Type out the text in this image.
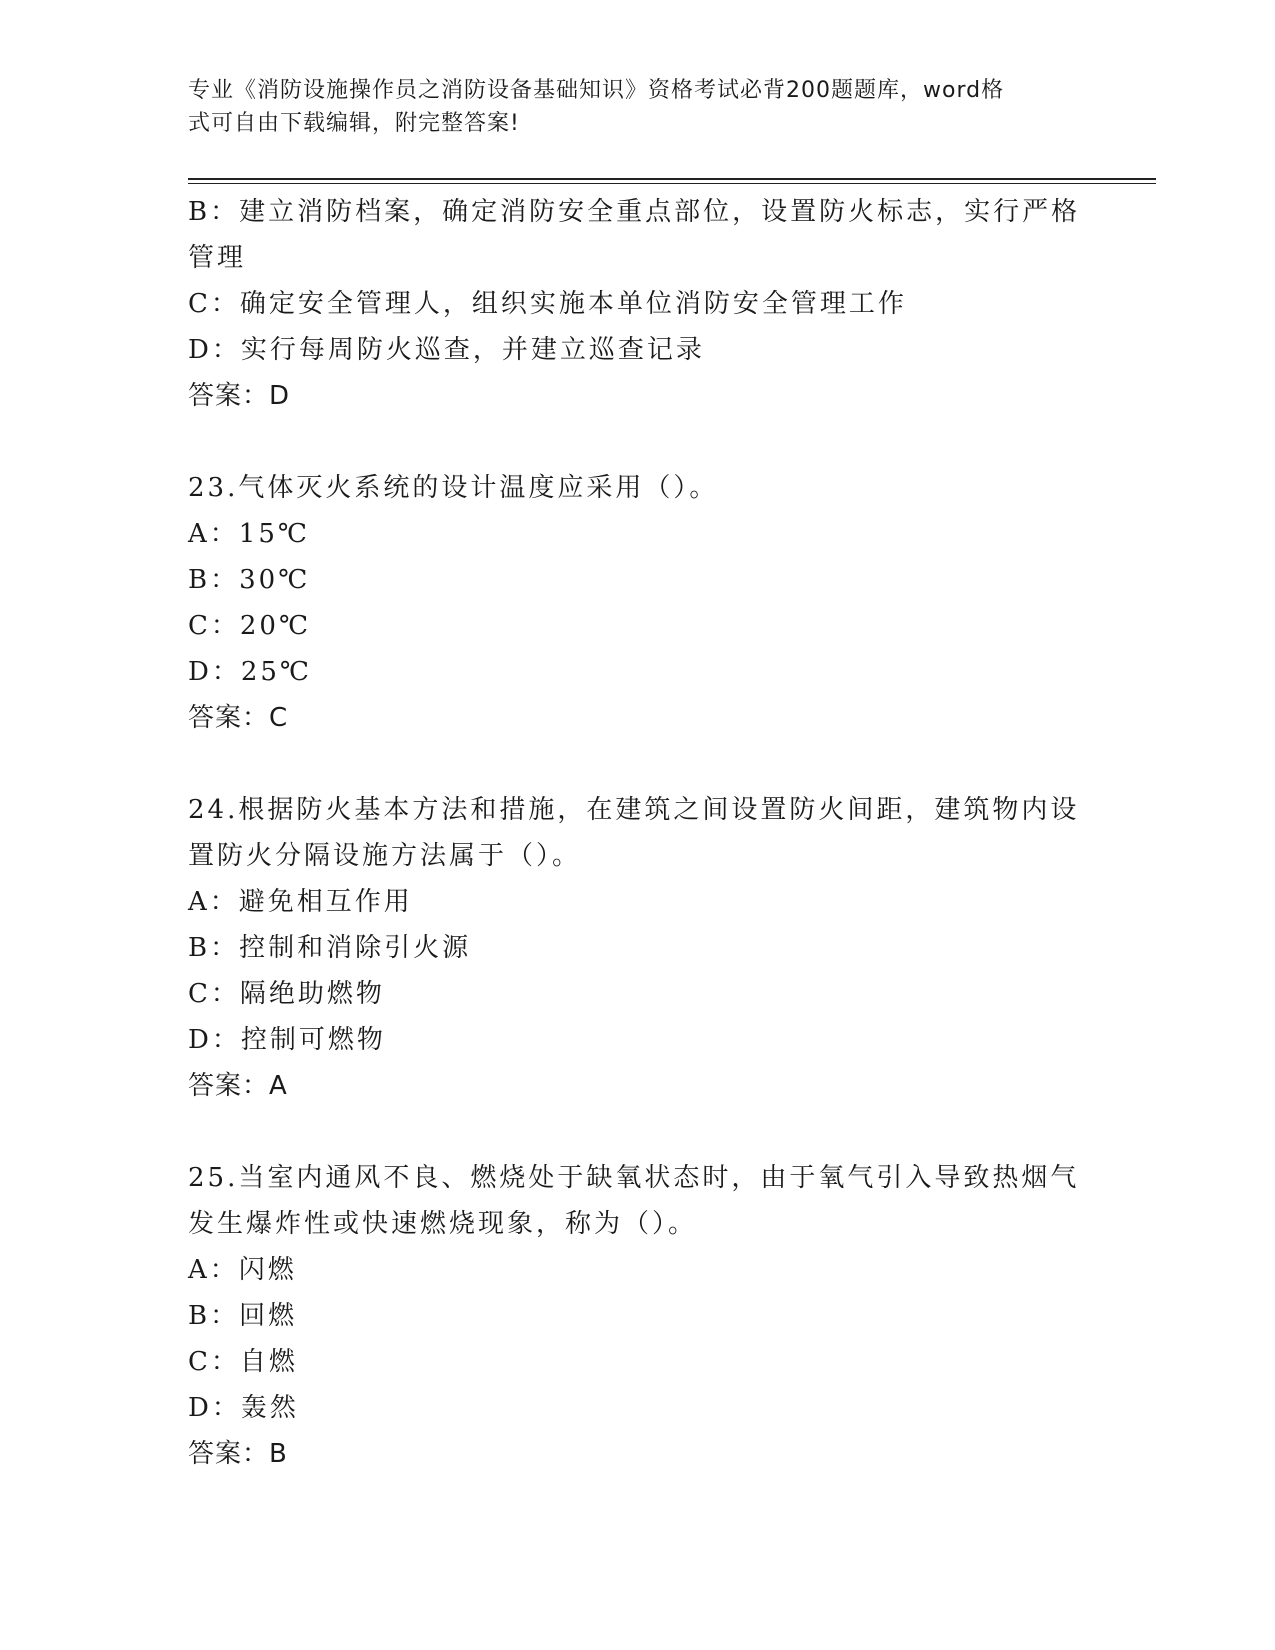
专业《消防设施操作员之消防设备基础知识》资格考试必背200题题库，word格
式可自由下载编辑，附完整答案!
B：建立消防档案，确定消防安全重点部位，设置防火标志，实行严格
管理
C：确定安全管理人，组织实施本单位消防安全管理工作
D：实行每周防火巡查，并建立巡查记录
答案：D
23.气体灭火系统的设计温度应采用（）。
A：15℃
B：30℃
C：20℃
D：25℃
答案：C
24.根据防火基本方法和措施，在建筑之间设置防火间距，建筑物内设
置防火分隔设施方法属于（）。
A：避免相互作用
B：控制和消除引火源
C：隔绝助燃物
D：控制可燃物
答案：A
25.当室内通风不良、燃烧处于缺氧状态时，由于氧气引入导致热烟气
发生爆炸性或快速燃烧现象，称为（）。
A：闪燃
B：回燃
C：自燃
D：轰然
答案：B
